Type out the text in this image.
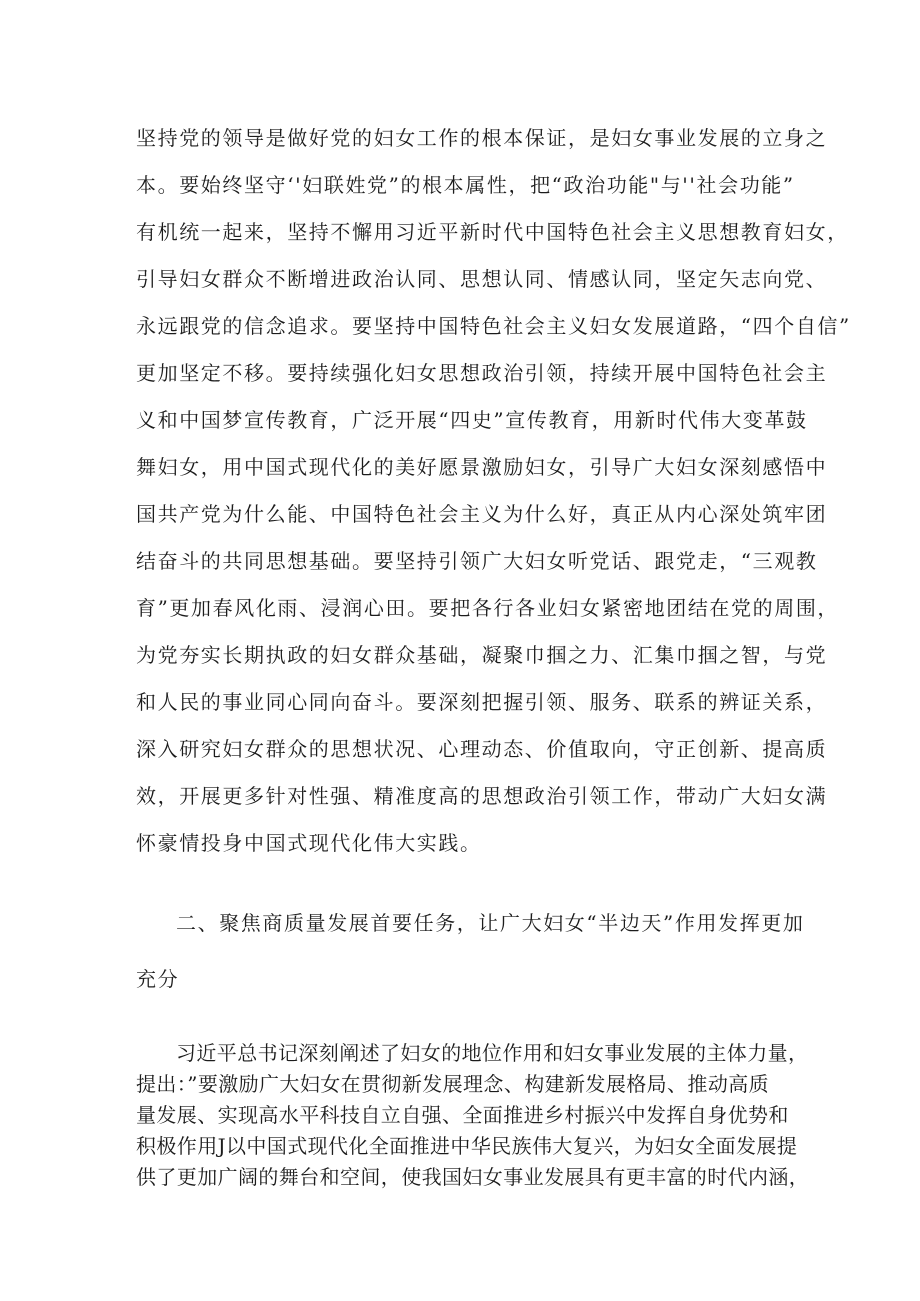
坚持党的领导是做好党的妇女工作的根本保证，是妇女事业发展的立身之
本。要始终坚守‘'妇联姓党”的根本属性，把“政治功能"与''社会功能”
有机统一起来，坚持不懈用习近平新时代中国特色社会主义思想教育妇女，
引导妇女群众不断增进政治认同、思想认同、情感认同，坚定矢志向党、
永远跟党的信念追求。要坚持中国特色社会主义妇女发展道路，“四个自信”
更加坚定不移。要持续强化妇女思想政治引领，持续开展中国特色社会主
义和中国梦宣传教育，广泛开展“四史”宣传教育，用新时代伟大变革鼓
舞妇女，用中国式现代化的美好愿景激励妇女，引导广大妇女深刻感悟中
国共产党为什么能、中国特色社会主义为什么好，真正从内心深处筑牢团
结奋斗的共同思想基础。要坚持引领广大妇女听党话、跟党走，“三观教
育”更加春风化雨、浸润心田。要把各行各业妇女紧密地团结在党的周围，
为党夯实长期执政的妇女群众基础，凝聚巾掴之力、汇集巾掴之智，与党
和人民的事业同心同向奋斗。要深刻把握引领、服务、联系的辨证关系，
深入研究妇女群众的思想状况、心理动态、价值取向，守正创新、提高质
效，开展更多针对性强、精准度高的思想政治引领工作，带动广大妇女满
怀豪情投身中国式现代化伟大实践。
二、聚焦商质量发展首要任务，让广大妇女“半边天”作用发挥更加
充分
习近平总书记深刻阐述了妇女的地位作用和妇女事业发展的主体力量，
提出：”要激励广大妇女在贯彻新发展理念、构建新发展格局、推动高质
量发展、实现高水平科技自立自强、全面推进乡村振兴中发挥自身优势和
积极作用J以中国式现代化全面推进中华民族伟大复兴，为妇女全面发展提
供了更加广阔的舞台和空间，使我国妇女事业发展具有更丰富的时代内涵，
